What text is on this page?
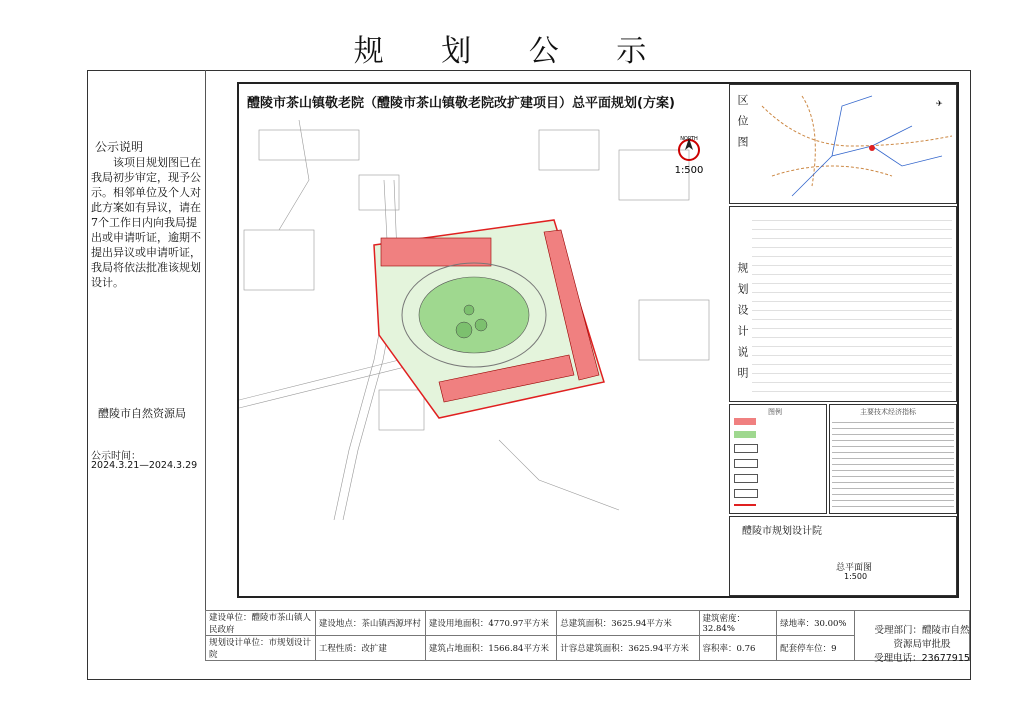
规 划 公 示
公示说明
该项目规划图已在我局初步审定，现予公示。相邻单位及个人对此方案如有异议，请在7个工作日内向我局提出或申请听证，逾期不提出异议或申请听证，我局将依法批准该规划设计。
醴陵市自然资源局
公示时间：
2024.3.21—2024.3.29
醴陵市茶山镇敬老院（醴陵市茶山镇敬老院改扩建项目）总平面规划(方案)
NORTH
1:500
区位图	✈
规划设计说明
图例	主要技术经济指标
醴陵市规划设计院
总平面图
1:500
建设单位：醴陵市茶山镇人民政府	建设地点：茶山镇西源坪村	建设用地面积：4770.97平方米	总建筑面积：3625.94平方米	建筑密度：32.84%	绿地率：30.00%	
规划设计单位：市规划设计院	工程性质：改扩建	建筑占地面积：1566.84平方米	计容总建筑面积：3625.94平方米	容积率：0.76	配套停车位：9	
受理部门：醴陵市自然资源局审批股
受理电话：23677915
